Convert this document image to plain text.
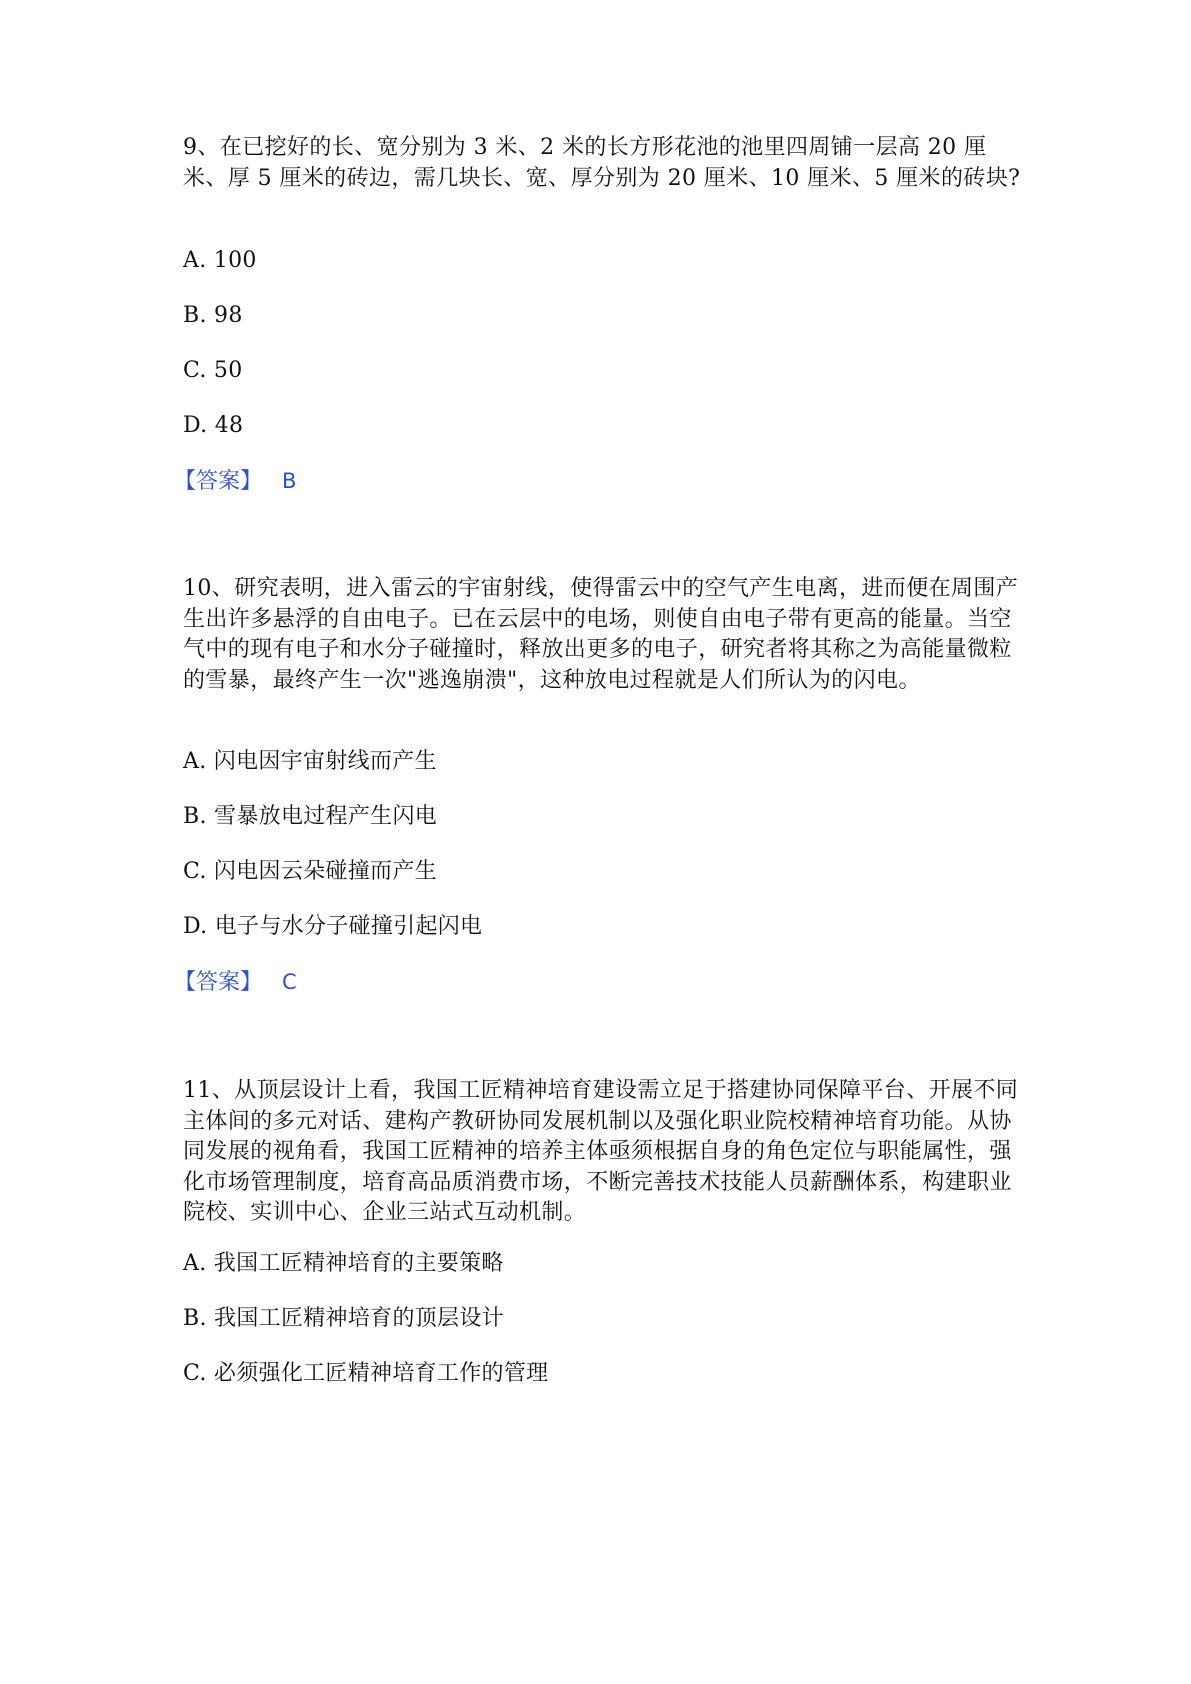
9、在已挖好的长、宽分别为 3 米、2 米的长方形花池的池里四周铺一层高 20 厘米、厚 5 厘米的砖边，需几块长、宽、厚分别为 20 厘米、10 厘米、5 厘米的砖块?
A. 100
B. 98
C. 50
D. 48
【答案】 B
10、研究表明，进入雷云的宇宙射线，使得雷云中的空气产生电离，进而便在周围产生出许多悬浮的自由电子。已在云层中的电场，则使自由电子带有更高的能量。当空气中的现有电子和水分子碰撞时，释放出更多的电子，研究者将其称之为高能量微粒的雪暴，最终产生一次"逃逸崩溃"，这种放电过程就是人们所认为的闪电。
A. 闪电因宇宙射线而产生
B. 雪暴放电过程产生闪电
C. 闪电因云朵碰撞而产生
D. 电子与水分子碰撞引起闪电
【答案】 C
11、从顶层设计上看，我国工匠精神培育建设需立足于搭建协同保障平台、开展不同主体间的多元对话、建构产教研协同发展机制以及强化职业院校精神培育功能。从协同发展的视角看，我国工匠精神的培养主体亟须根据自身的角色定位与职能属性，强化市场管理制度，培育高品质消费市场，不断完善技术技能人员薪酬体系，构建职业院校、实训中心、企业三站式互动机制。
A. 我国工匠精神培育的主要策略
B. 我国工匠精神培育的顶层设计
C. 必须强化工匠精神培育工作的管理
